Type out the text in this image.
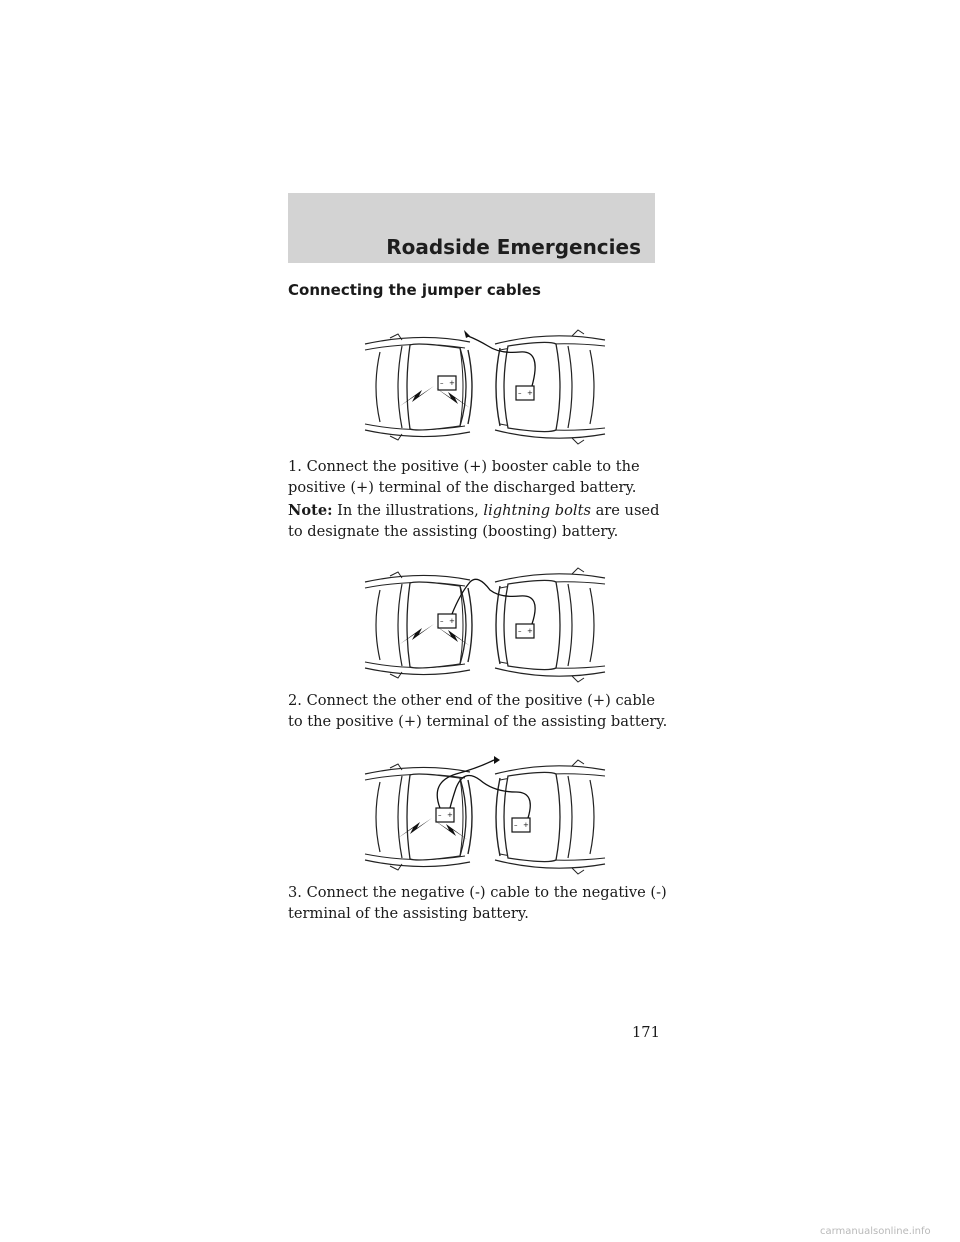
Roadside Emergencies
Connecting the jumper cables
– +
– +

1. Connect the positive (+) booster cable to the positive (+) terminal of the discharged battery.

Note: In the illustrations, lightning bolts are used to designate the assisting (boosting) battery.

– +
– +

2. Connect the other end of the positive (+) cable to the positive (+) terminal of the assisting battery.

– +
– +

3. Connect the negative (-) cable to the negative (-) terminal of the assisting battery.

171
carmanualsonline.info
